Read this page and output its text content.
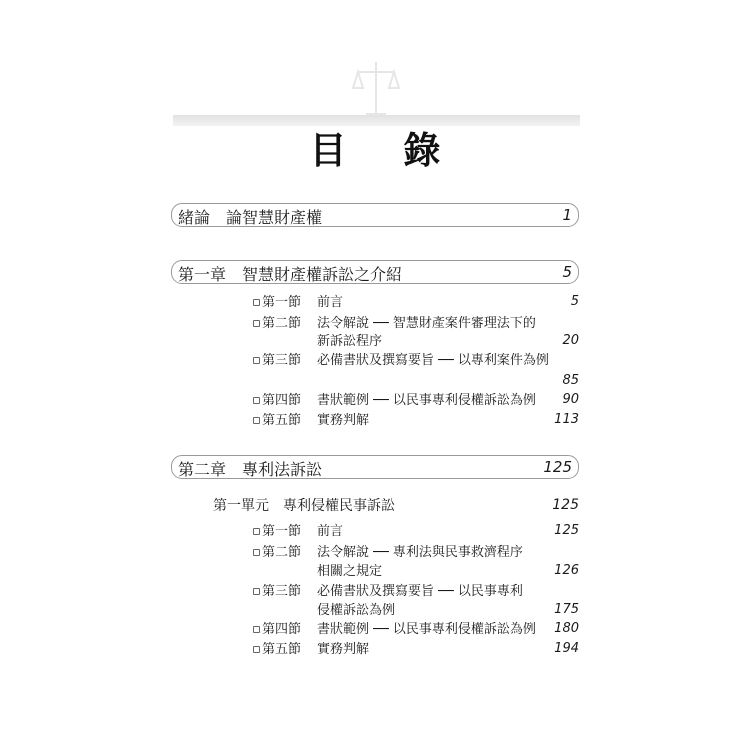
目 錄
緒論　論智慧財產權	1
第一章　智慧財產權訴訟之介紹	5
第一節 前言	5
第二節 法令解說 ── 智慧財產案件審理法下的
新訴訟程序	20
第三節 必備書狀及撰寫要旨 ── 以專利案件為例
85
第四節 書狀範例 ── 以民事專利侵權訴訟為例	90
第五節 實務判解	113
第二章　專利法訴訟	125
第一單元　專利侵權民事訴訟	125
第一節 前言	125
第二節 法令解說 ── 專利法與民事救濟程序
相關之規定	126
第三節 必備書狀及撰寫要旨 ── 以民事專利
侵權訴訟為例	175
第四節 書狀範例 ── 以民事專利侵權訴訟為例	180
第五節 實務判解	194
